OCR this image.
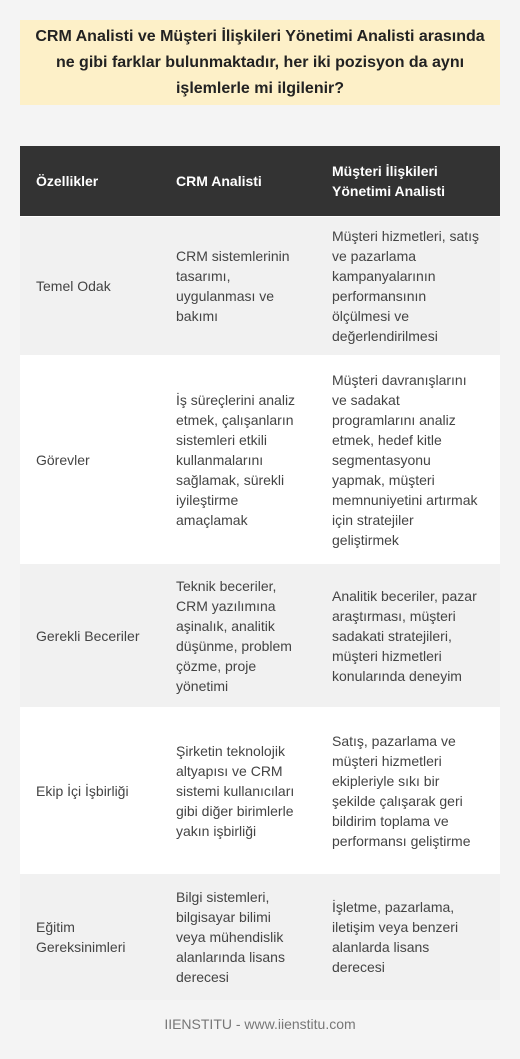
CRM Analisti ve Müşteri İlişkileri Yönetimi Analisti arasında ne gibi farklar bulunmaktadır, her iki pozisyon da aynı işlemlerle mi ilgilenir?
Özellikler	CRM Analisti	Müşteri İlişkileri Yönetimi Analisti
Temel Odak	CRM sistemlerinin tasarımı, uygulanması ve bakımı	Müşteri hizmetleri, satış ve pazarlama kampanyalarının performansının ölçülmesi ve değerlendirilmesi
Görevler	İş süreçlerini analiz etmek, çalışanların sistemleri etkili kullanmalarını sağlamak, sürekli iyileştirme amaçlamak	Müşteri davranışlarını ve sadakat programlarını analiz etmek, hedef kitle segmentasyonu yapmak, müşteri memnuniyetini artırmak için stratejiler geliştirmek
Gerekli Beceriler	Teknik beceriler, CRM yazılımına aşinalık, analitik düşünme, problem çözme, proje yönetimi	Analitik beceriler, pazar araştırması, müşteri sadakati stratejileri, müşteri hizmetleri konularında deneyim
Ekip İçi İşbirliği	Şirketin teknolojik altyapısı ve CRM sistemi kullanıcıları gibi diğer birimlerle yakın işbirliği	Satış, pazarlama ve müşteri hizmetleri ekipleriyle sıkı bir şekilde çalışarak geri bildirim toplama ve performansı geliştirme
Eğitim Gereksinimleri	Bilgi sistemleri, bilgisayar bilimi veya mühendislik alanlarında lisans derecesi	İşletme, pazarlama, iletişim veya benzeri alanlarda lisans derecesi
IIENSTITU - www.iienstitu.com
